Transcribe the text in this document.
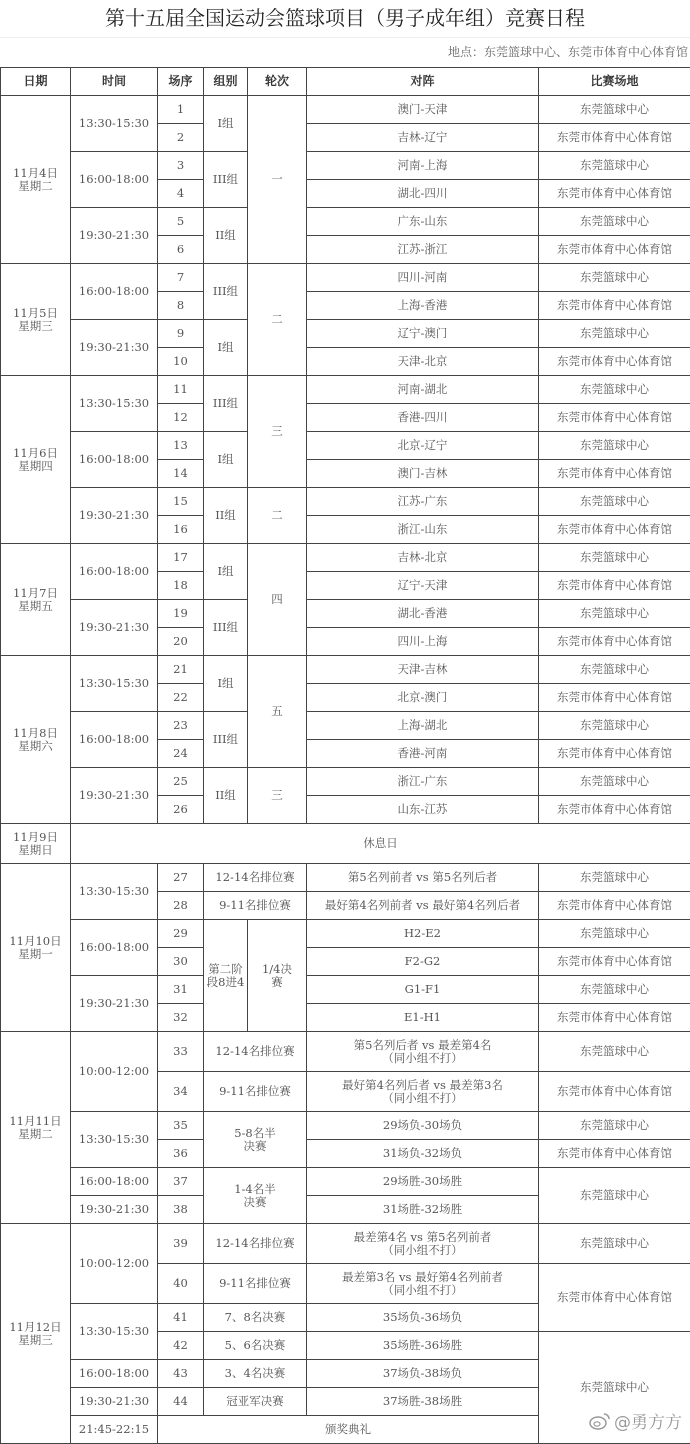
第十五届全国运动会篮球项目（男子成年组）竞赛日程
地点：东莞篮球中心、东莞市体育中心体育馆
日期	时间	场序	组别	轮次	对阵	比赛场地
11月4日
星期二	13:30-15:30	1	I组	一	澳门-天津	东莞篮球中心
		2			吉林-辽宁	东莞市体育中心体育馆
	16:00-18:00	3	III组		河南-上海	东莞篮球中心
		4			湖北-四川	东莞市体育中心体育馆
	19:30-21:30	5	II组		广东-山东	东莞篮球中心
		6			江苏-浙江	东莞市体育中心体育馆
11月5日
星期三	16:00-18:00	7	III组	二	四川-河南	东莞篮球中心
		8			上海-香港	东莞市体育中心体育馆
	19:30-21:30	9	I组		辽宁-澳门	东莞篮球中心
		10			天津-北京	东莞市体育中心体育馆
11月6日
星期四	13:30-15:30	11	III组	三	河南-湖北	东莞篮球中心
		12			香港-四川	东莞市体育中心体育馆
	16:00-18:00	13	I组		北京-辽宁	东莞篮球中心
		14			澳门-吉林	东莞市体育中心体育馆
	19:30-21:30	15	II组	二	江苏-广东	东莞篮球中心
		16			浙江-山东	东莞市体育中心体育馆
11月7日
星期五	16:00-18:00	17	I组	四	吉林-北京	东莞篮球中心
		18			辽宁-天津	东莞市体育中心体育馆
	19:30-21:30	19	III组		湖北-香港	东莞篮球中心
		20			四川-上海	东莞市体育中心体育馆
11月8日
星期六	13:30-15:30	21	I组	五	天津-吉林	东莞篮球中心
		22			北京-澳门	东莞市体育中心体育馆
	16:00-18:00	23	III组		上海-湖北	东莞篮球中心
		24			香港-河南	东莞市体育中心体育馆
	19:30-21:30	25	II组	三	浙江-广东	东莞篮球中心
		26			山东-江苏	东莞市体育中心体育馆
11月9日
星期日	休息日					
11月10日
星期一	13:30-15:30	27	12-14名排位赛		第5名列前者 vs 第5名列后者	东莞篮球中心
		28	9-11名排位赛		最好第4名列前者 vs 最好第4名列后者	东莞市体育中心体育馆
	16:00-18:00	29	第二阶段8进4	1/4决赛	H2-E2	东莞篮球中心
		30			F2-G2	东莞市体育中心体育馆
	19:30-21:30	31			G1-F1	东莞篮球中心
		32			E1-H1	东莞市体育中心体育馆
11月11日
星期二	10:00-12:00	33	12-14名排位赛		第5名列后者 vs 最差第4名
（同小组不打）	东莞篮球中心
		34	9-11名排位赛		最好第4名列后者 vs 最差第3名
（同小组不打）	东莞市体育中心体育馆
	13:30-15:30	35	5-8名半决赛		29场负-30场负	东莞篮球中心
		36			31场负-32场负	东莞市体育中心体育馆
	16:00-18:00	37	1-4名半决赛		29场胜-30场胜	东莞篮球中心
	19:30-21:30	38			31场胜-32场胜	
11月12日
星期三	10:00-12:00	39	12-14名排位赛		最差第4名 vs 第5名列前者
（同小组不打）	东莞篮球中心
		40	9-11名排位赛		最差第3名 vs 最好第4名列前者
（同小组不打）	东莞市体育中心体育馆
	13:30-15:30	41	7、8名决赛		35场负-36场负	
		42	5、6名决赛		35场胜-36场胜	东莞篮球中心
	16:00-18:00	43	3、4名决赛		37场负-38场负	
	19:30-21:30	44	冠亚军决赛		37场胜-38场胜	
	21:45-22:15	颁奖典礼					@勇方方
